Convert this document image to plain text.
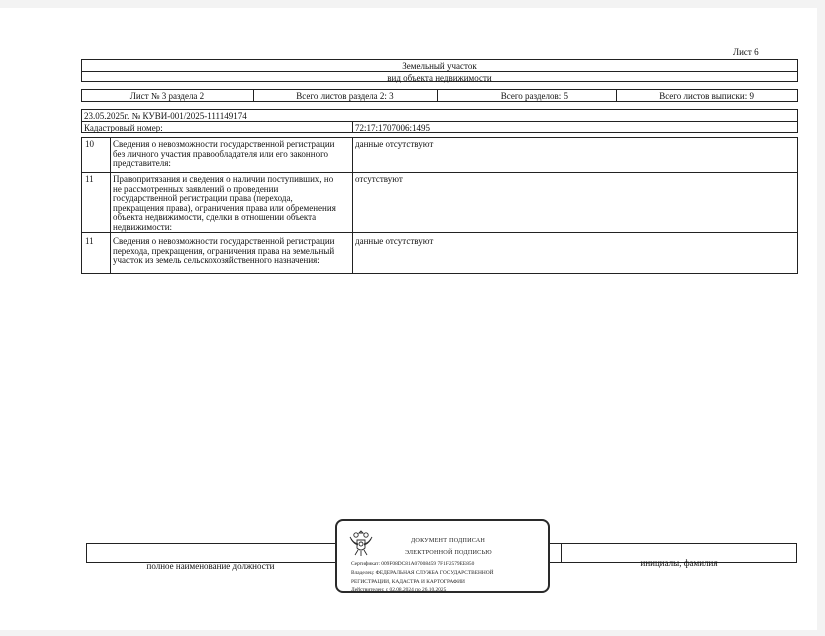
Лист 6
Земельный участок
вид объекта недвижимости
Лист № 3 раздела 2	Всего листов раздела 2: 3	Всего разделов: 5	Всего листов выписки: 9
23.05.2025г. № КУВИ-001/2025-111149174
Кадастровый номер:	72:17:1707006:1495
10 Сведения о невозможности государственной регистрации
без личного участия правообладателя или его законного
представителя:
данные отсутствуют
11 Правопритязания и сведения о наличии поступивших, но
не рассмотренных заявлений о проведении
государственной регистрации права (перехода,
прекращения права), ограничения права или обременения
объекта недвижимости, сделки в отношении объекта
недвижимости:
отсутствуют
11 Сведения о невозможности государственной регистрации
перехода, прекращения, ограничения права на земельный
участок из земель сельскохозяйственного назначения:
данные отсутствуют
полное наименование должности	инициалы, фамилия
ДОКУМЕНТ ПОДПИСАН
ЭЛЕКТРОННОЙ ПОДПИСЬЮ
Сертификат: 009F08DC81A07008459 7F1F2579EE850
Владелец: ФЕДЕРАЛЬНАЯ СЛУЖБА ГОСУДАРСТВЕННОЙ
РЕГИСТРАЦИИ, КАДАСТРА И КАРТОГРАФИИ
Действителен: с 02.08.2024 по 26.10.2025
